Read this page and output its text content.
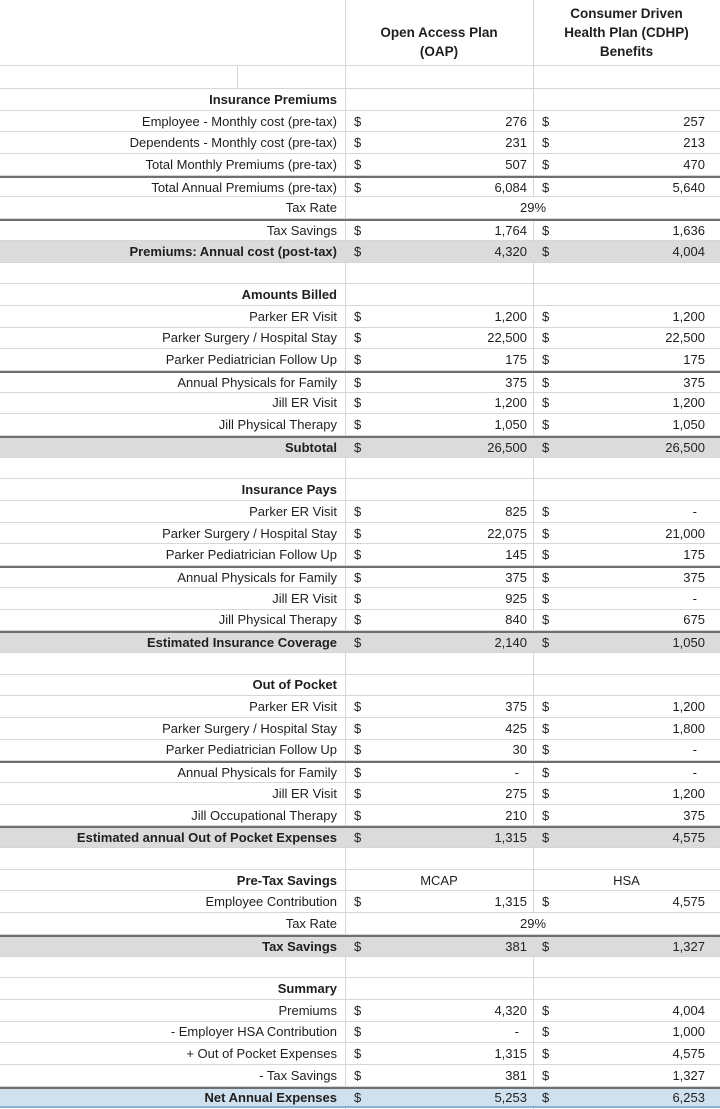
Open Access Plan
(OAP)
Consumer Driven
Health Plan (CDHP)
Benefits
Insurance Premiums
Employee - Monthly cost (pre-tax)	$	276	$	257
Dependents - Monthly cost (pre-tax)	$	231	$	213
Total Monthly Premiums (pre-tax)	$	507	$	470
Total Annual Premiums (pre-tax)	$	6,084	$	5,640
Tax Rate	29%
Tax Savings	$	1,764	$	1,636
Premiums: Annual cost (post-tax)	$	4,320	$	4,004
Amounts Billed
Parker ER Visit	$	1,200	$	1,200
Parker Surgery / Hospital Stay	$	22,500	$	22,500
Parker Pediatrician Follow Up	$	175	$	175
Annual Physicals for Family	$	375	$	375
Jill ER Visit	$	1,200	$	1,200
Jill Physical Therapy	$	1,050	$	1,050
Subtotal	$	26,500	$	26,500
Insurance Pays
Parker ER Visit	$	825	$	-
Parker Surgery / Hospital Stay	$	22,075	$	21,000
Parker Pediatrician Follow Up	$	145	$	175
Annual Physicals for Family	$	375	$	375
Jill ER Visit	$	925	$	-
Jill Physical Therapy	$	840	$	675
Estimated Insurance Coverage	$	2,140	$	1,050
Out of Pocket
Parker ER Visit	$	375	$	1,200
Parker Surgery / Hospital Stay	$	425	$	1,800
Parker Pediatrician Follow Up	$	30	$	-
Annual Physicals for Family	$	-	$	-
Jill ER Visit	$	275	$	1,200
Jill Occupational Therapy	$	210	$	375
Estimated annual Out of Pocket Expenses	$	1,315	$	4,575
Pre-Tax Savings	MCAP	HSA
Employee Contribution	$	1,315	$	4,575
Tax Rate	29%
Tax Savings	$	381	$	1,327
Summary
Premiums	$	4,320	$	4,004
- Employer HSA Contribution	$	-	$	1,000
+ Out of Pocket Expenses	$	1,315	$	4,575
- Tax Savings	$	381	$	1,327
Net Annual Expenses	$	5,253	$	6,253
